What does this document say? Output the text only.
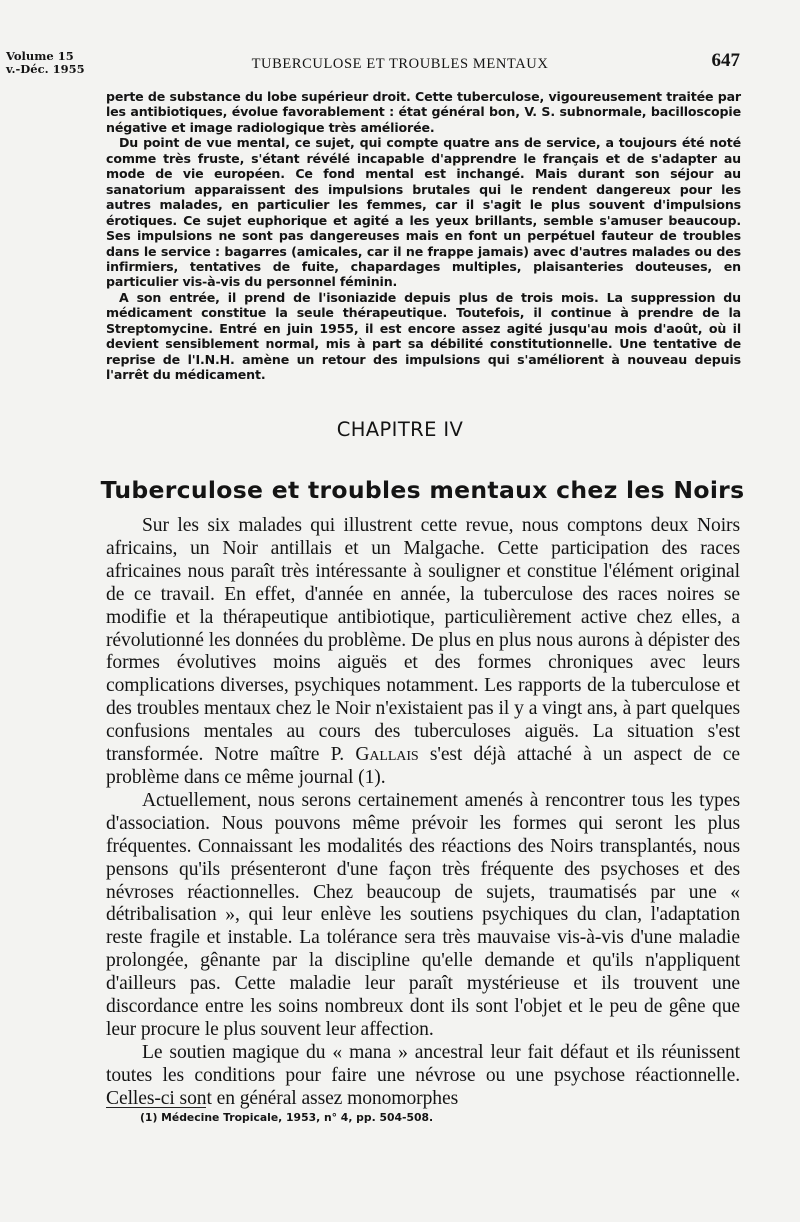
Volume 15
v.-Déc. 1955	TUBERCULOSE ET TROUBLES MENTAUX	647

perte de substance du lobe supérieur droit. Cette tuberculose, vigoureusement traitée par les antibiotiques, évolue favorablement : état général bon, V. S. subnormale, bacilloscopie négative et image radiologique très améliorée.

Du point de vue mental, ce sujet, qui compte quatre ans de service, a toujours été noté comme très fruste, s'étant révélé incapable d'apprendre le français et de s'adapter au mode de vie européen. Ce fond mental est inchangé. Mais durant son séjour au sanatorium apparaissent des impulsions brutales qui le rendent dangereux pour les autres malades, en particulier les femmes, car il s'agit le plus souvent d'impulsions érotiques. Ce sujet euphorique et agité a les yeux brillants, semble s'amuser beaucoup. Ses impulsions ne sont pas dangereuses mais en font un perpétuel fauteur de troubles dans le service : bagarres (amicales, car il ne frappe jamais) avec d'autres malades ou des infirmiers, tentatives de fuite, chapardages multiples, plaisanteries douteuses, en particulier vis-à-vis du personnel féminin.

A son entrée, il prend de l'isoniazide depuis plus de trois mois. La suppression du médicament constitue la seule thérapeutique. Toutefois, il continue à prendre de la Streptomycine. Entré en juin 1955, il est encore assez agité jusqu'au mois d'août, où il devient sensiblement normal, mis à part sa débilité constitutionnelle. Une tentative de reprise de l'I.N.H. amène un retour des impulsions qui s'améliorent à nouveau depuis l'arrêt du médicament.

CHAPITRE IV
Tuberculose et troubles mentaux chez les Noirs

Sur les six malades qui illustrent cette revue, nous comptons deux Noirs africains, un Noir antillais et un Malgache. Cette participation des races africaines nous paraît très intéressante à souligner et constitue l'élément original de ce travail. En effet, d'année en année, la tuberculose des races noires se modifie et la thérapeutique antibiotique, particulièrement active chez elles, a révolutionné les données du problème. De plus en plus nous aurons à dépister des formes évolutives moins aiguës et des formes chroniques avec leurs complications diverses, psychiques notamment. Les rapports de la tuberculose et des troubles mentaux chez le Noir n'existaient pas il y a vingt ans, à part quelques confusions mentales au cours des tuberculoses aiguës. La situation s'est transformée. Notre maître P. Gallais s'est déjà attaché à un aspect de ce problème dans ce même journal (1).

Actuellement, nous serons certainement amenés à rencontrer tous les types d'association. Nous pouvons même prévoir les formes qui seront les plus fréquentes. Connaissant les modalités des réactions des Noirs transplantés, nous pensons qu'ils présenteront d'une façon très fréquente des psychoses et des névroses réactionnelles. Chez beaucoup de sujets, traumatisés par une « détribalisation », qui leur enlève les soutiens psychiques du clan, l'adaptation reste fragile et instable. La tolérance sera très mauvaise vis-à-vis d'une maladie prolongée, gênante par la discipline qu'elle demande et qu'ils n'appliquent d'ailleurs pas. Cette maladie leur paraît mystérieuse et ils trouvent une discordance entre les soins nombreux dont ils sont l'objet et le peu de gêne que leur procure le plus souvent leur affection.

Le soutien magique du « mana » ancestral leur fait défaut et ils réunissent toutes les conditions pour faire une névrose ou une psychose réactionnelle. Celles-ci sont en général assez monomorphes

(1) Médecine Tropicale, 1953, n° 4, pp. 504-508.
